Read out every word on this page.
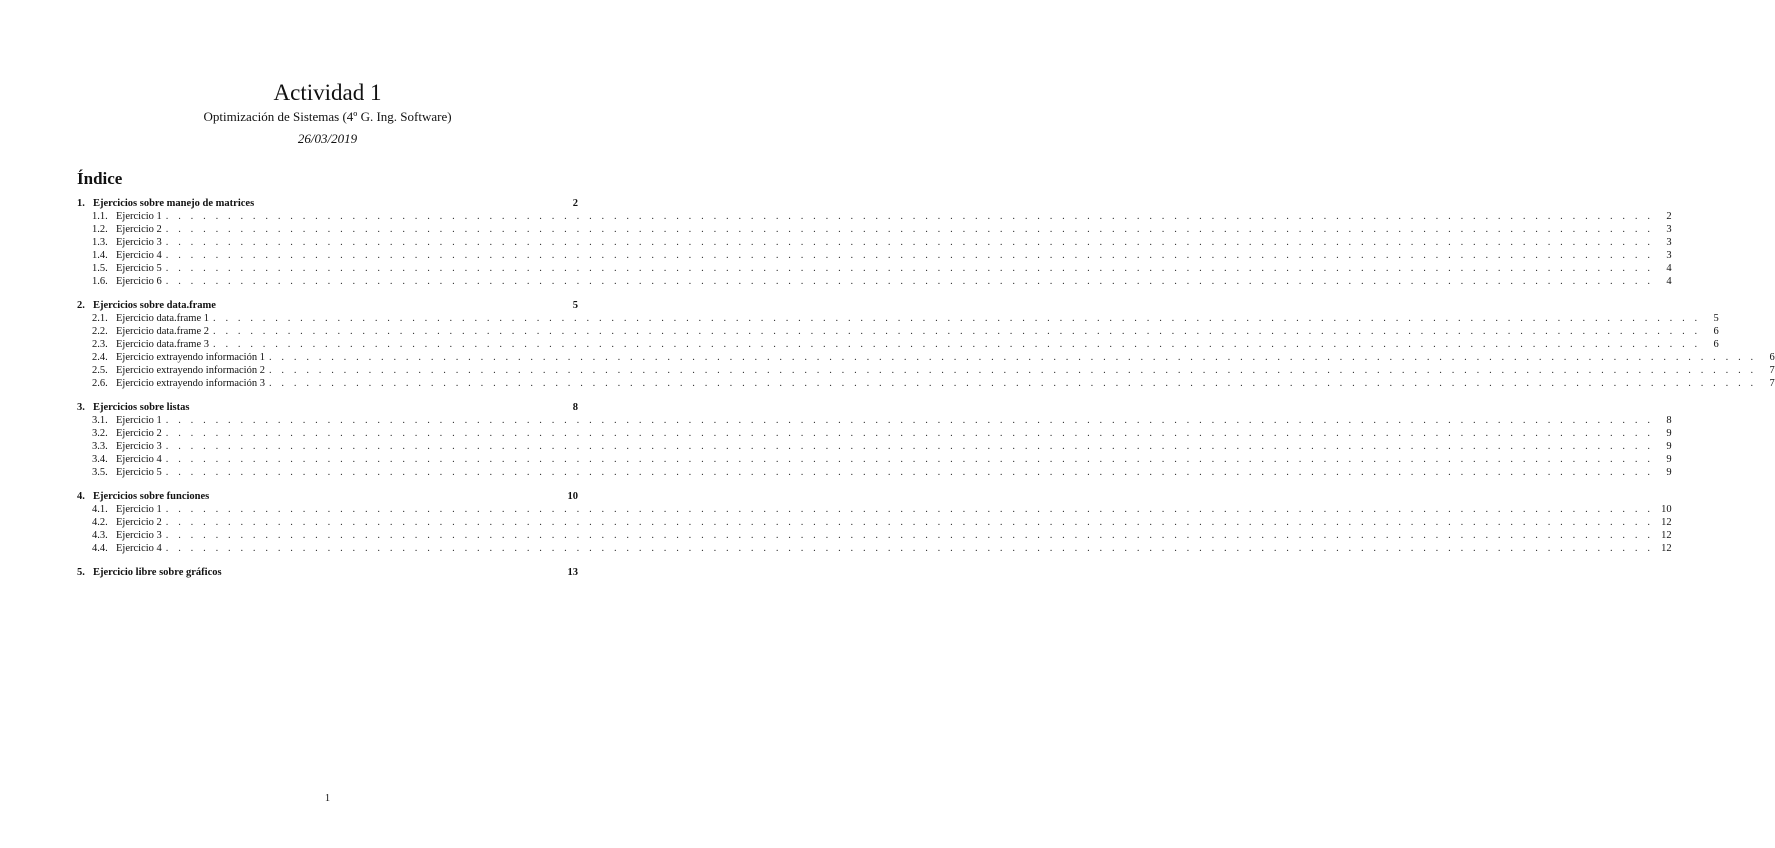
Actividad 1
Optimización de Sistemas (4º G. Ing. Software)
26/03/2019
Índice
1. Ejercicios sobre manejo de matrices	2
1.1. Ejercicio 1 . . . . . . . . . . . . . . . . . . . . . . . . . . . . . . . . . . . . . . . . . . . . . . . . . . . . . . . . . . . . . . . . . . . . . . . . . . . . . . . . . . . . . . . . . . . . . . . . . . . . . . . . . . . . . . . . . . . . . . . .	2
1.2. Ejercicio 2 . . . . . . . . . . . . . . . . . . . . . . . . . . . . . . . . . . . . . . . . . . . . . . . . . . . . . . . . . . . . . . . . . . . . . . . . . . . . . . . . . . . . . . . . . . . . . . . . . . . . . . . . . . . . . . . . . . . . . . . .	3
1.3. Ejercicio 3 . . . . . . . . . . . . . . . . . . . . . . . . . . . . . . . . . . . . . . . . . . . . . . . . . . . . . . . . . . . . . . . . . . . . . . . . . . . . . . . . . . . . . . . . . . . . . . . . . . . . . . . . . . . . . . . . . . . . . . . .	3
1.4. Ejercicio 4 . . . . . . . . . . . . . . . . . . . . . . . . . . . . . . . . . . . . . . . . . . . . . . . . . . . . . . . . . . . . . . . . . . . . . . . . . . . . . . . . . . . . . . . . . . . . . . . . . . . . . . . . . . . . . . . . . . . . . . . .	3
1.5. Ejercicio 5 . . . . . . . . . . . . . . . . . . . . . . . . . . . . . . . . . . . . . . . . . . . . . . . . . . . . . . . . . . . . . . . . . . . . . . . . . . . . . . . . . . . . . . . . . . . . . . . . . . . . . . . . . . . . . . . . . . . . . . . .	4
1.6. Ejercicio 6 . . . . . . . . . . . . . . . . . . . . . . . . . . . . . . . . . . . . . . . . . . . . . . . . . . . . . . . . . . . . . . . . . . . . . . . . . . . . . . . . . . . . . . . . . . . . . . . . . . . . . . . . . . . . . . . . . . . . . . . .	4
2. Ejercicios sobre data.frame	5
2.1. Ejercicio data.frame 1 . . . . . . . . . . . . . . . . . . . . . . . . . . . . . . . . . . . . . . . . . . . . . . . . . . . . . . . . . . . . . . . . . . . . . . . . . . . . . . . . . . . . . . . . . . . . . . . . . . . . . . . . . . . . . . . . . . . . . . . .	5
2.2. Ejercicio data.frame 2 . . . . . . . . . . . . . . . . . . . . . . . . . . . . . . . . . . . . . . . . . . . . . . . . . . . . . . . . . . . . . . . . . . . . . . . . . . . . . . . . . . . . . . . . . . . . . . . . . . . . . . . . . . . . . . . . . . . . . . . .	6
2.3. Ejercicio data.frame 3 . . . . . . . . . . . . . . . . . . . . . . . . . . . . . . . . . . . . . . . . . . . . . . . . . . . . . . . . . . . . . . . . . . . . . . . . . . . . . . . . . . . . . . . . . . . . . . . . . . . . . . . . . . . . . . . . . . . . . . . .	6
2.4. Ejercicio extrayendo información 1 . . . . . . . . . . . . . . . . . . . . . . . . . . . . . . . . . . . . . . . . . . . . . . . . . . . . . . . . . . . . . . . . . . . . . . . . . . . . . . . . . . . . . . . . . . . . . . . . . . . . . . . . . . . . . . . . . . . . . . . .	6
2.5. Ejercicio extrayendo información 2 . . . . . . . . . . . . . . . . . . . . . . . . . . . . . . . . . . . . . . . . . . . . . . . . . . . . . . . . . . . . . . . . . . . . . . . . . . . . . . . . . . . . . . . . . . . . . . . . . . . . . . . . . . . . . . . . . . . . . . . .	7
2.6. Ejercicio extrayendo información 3 . . . . . . . . . . . . . . . . . . . . . . . . . . . . . . . . . . . . . . . . . . . . . . . . . . . . . . . . . . . . . . . . . . . . . . . . . . . . . . . . . . . . . . . . . . . . . . . . . . . . . . . . . . . . . . . . . . . . . . . .	7
3. Ejercicios sobre listas	8
3.1. Ejercicio 1 . . . . . . . . . . . . . . . . . . . . . . . . . . . . . . . . . . . . . . . . . . . . . . . . . . . . . . . . . . . . . . . . . . . . . . . . . . . . . . . . . . . . . . . . . . . . . . . . . . . . . . . . . . . . . . . . . . . . . . . .	8
3.2. Ejercicio 2 . . . . . . . . . . . . . . . . . . . . . . . . . . . . . . . . . . . . . . . . . . . . . . . . . . . . . . . . . . . . . . . . . . . . . . . . . . . . . . . . . . . . . . . . . . . . . . . . . . . . . . . . . . . . . . . . . . . . . . . .	9
3.3. Ejercicio 3 . . . . . . . . . . . . . . . . . . . . . . . . . . . . . . . . . . . . . . . . . . . . . . . . . . . . . . . . . . . . . . . . . . . . . . . . . . . . . . . . . . . . . . . . . . . . . . . . . . . . . . . . . . . . . . . . . . . . . . . .	9
3.4. Ejercicio 4 . . . . . . . . . . . . . . . . . . . . . . . . . . . . . . . . . . . . . . . . . . . . . . . . . . . . . . . . . . . . . . . . . . . . . . . . . . . . . . . . . . . . . . . . . . . . . . . . . . . . . . . . . . . . . . . . . . . . . . . .	9
3.5. Ejercicio 5 . . . . . . . . . . . . . . . . . . . . . . . . . . . . . . . . . . . . . . . . . . . . . . . . . . . . . . . . . . . . . . . . . . . . . . . . . . . . . . . . . . . . . . . . . . . . . . . . . . . . . . . . . . . . . . . . . . . . . . . .	9
4. Ejercicios sobre funciones	10
4.1. Ejercicio 1 . . . . . . . . . . . . . . . . . . . . . . . . . . . . . . . . . . . . . . . . . . . . . . . . . . . . . . . . . . . . . . . . . . . . . . . . . . . . . . . . . . . . . . . . . . . . . . . . . . . . . . . . . . . . . . . . . . . . . . . . 10
4.2. Ejercicio 2 . . . . . . . . . . . . . . . . . . . . . . . . . . . . . . . . . . . . . . . . . . . . . . . . . . . . . . . . . . . . . . . . . . . . . . . . . . . . . . . . . . . . . . . . . . . . . . . . . . . . . . . . . . . . . . . . . . . . . . . . 12
4.3. Ejercicio 3 . . . . . . . . . . . . . . . . . . . . . . . . . . . . . . . . . . . . . . . . . . . . . . . . . . . . . . . . . . . . . . . . . . . . . . . . . . . . . . . . . . . . . . . . . . . . . . . . . . . . . . . . . . . . . . . . . . . . . . . . 12
4.4. Ejercicio 4 . . . . . . . . . . . . . . . . . . . . . . . . . . . . . . . . . . . . . . . . . . . . . . . . . . . . . . . . . . . . . . . . . . . . . . . . . . . . . . . . . . . . . . . . . . . . . . . . . . . . . . . . . . . . . . . . . . . . . . . . 12
5. Ejercicio libre sobre gráficos	13
1
